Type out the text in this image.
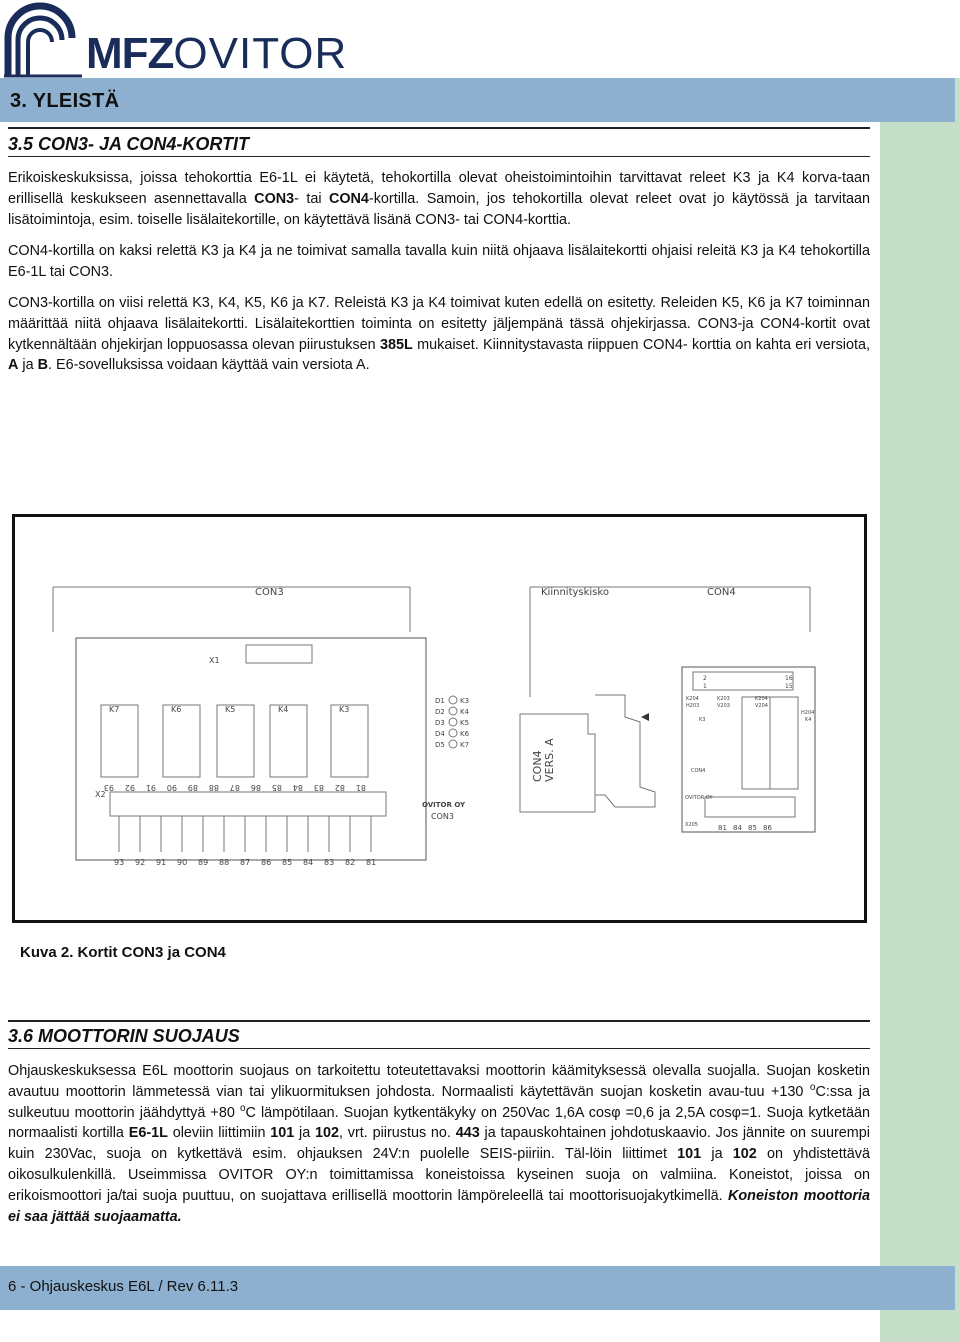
MFZOVITOR
3. YLEISTÄ
3.5 CON3- JA CON4-KORTIT
Erikoiskeskuksissa, joissa tehokorttia E6-1L ei käytetä, tehokortilla olevat oheistoimintoihin tarvittavat releet K3 ja K4 korva-taan erillisellä keskukseen asennettavalla CON3- tai CON4-kortilla. Samoin, jos tehokortilla olevat releet ovat jo käytössä ja tarvitaan lisätoimintoja, esim. toiselle lisälaitekortille, on käytettävä lisänä CON3- tai CON4-korttia.
CON4-kortilla on kaksi relettä K3 ja K4 ja ne toimivat samalla tavalla kuin niitä ohjaava lisälaitekortti ohjaisi releitä K3 ja K4 tehokortilla E6-1L tai CON3.
CON3-kortilla on viisi relettä K3, K4, K5, K6 ja K7. Releistä K3 ja K4 toimivat kuten edellä on esitetty. Releiden K5, K6 ja K7 toiminnan määrittää niitä ohjaava lisälaitekortti. Lisälaitekorttien toiminta on esitetty jäljempänä tässä ohjekirjassa. CON3-ja CON4-kortit ovat kytkennältään ohjekirjan loppuosassa olevan piirustuksen 385L mukaiset. Kiinnitystavasta riippuen CON4- korttia on kahta eri versiota, A ja B. E6-sovelluksissa voidaan käyttää vain versiota A.
CON3	Kiinnityskisko	CON4
X1
X2
K7	K6	K5	K4	K3
D1
D2
D3
D4
D5
K3
K4
K5
K6
K7
OVITOR OY
CON3
93 92 91 90 89 88 87 86 85 84 83 82 81
93 92 91 90 89 88 87 86 85 84 83 82 81
CON4 VERS. A
K204
H203
K3	K4
CON4
OVITOR OY
X205
2	16
1	15
K203
V203
K204
V204
H204
81 84 85 86
Kuva 2. Kortit CON3 ja CON4
3.6 MOOTTORIN SUOJAUS
Ohjauskeskuksessa E6L moottorin suojaus on tarkoitettu toteutettavaksi moottorin käämityksessä olevalla suojalla. Suojan kosketin avautuu moottorin lämmetessä vian tai ylikuormituksen johdosta. Normaalisti käytettävän suojan kosketin avau-tuu +130 $^o$C:ssa ja sulkeutuu moottorin jäähdyttyä +80 $^o$C lämpötilaan. Suojan kytkentäkyky on 250Vac 1,6A cosφ =0,6 ja 2,5A cosφ=1. Suoja kytketään normaalisti kortilla E6-1L oleviin liittimiin 101 ja 102, vrt. piirustus no. 443 ja tapauskohtainen johdotuskaavio. Jos jännite on suurempi kuin 230Vac, suoja on kytkettävä esim. ohjauksen 24V:n puolelle SEIS-piiriin. Täl-löin liittimet 101 ja 102 on yhdistettävä oikosulkulenkillä. Useimmissa OVITOR OY:n toimittamissa koneistoissa kyseinen suoja on valmiina. Koneistot, joissa on erikoismoottori ja/tai suoja puuttuu, on suojattava erillisellä moottorin lämpöreleellä tai moottorisuojakytkimellä. Koneiston moottoria ei saa jättää suojaamatta.
6 - Ohjauskeskus E6L / Rev 6.11.3
